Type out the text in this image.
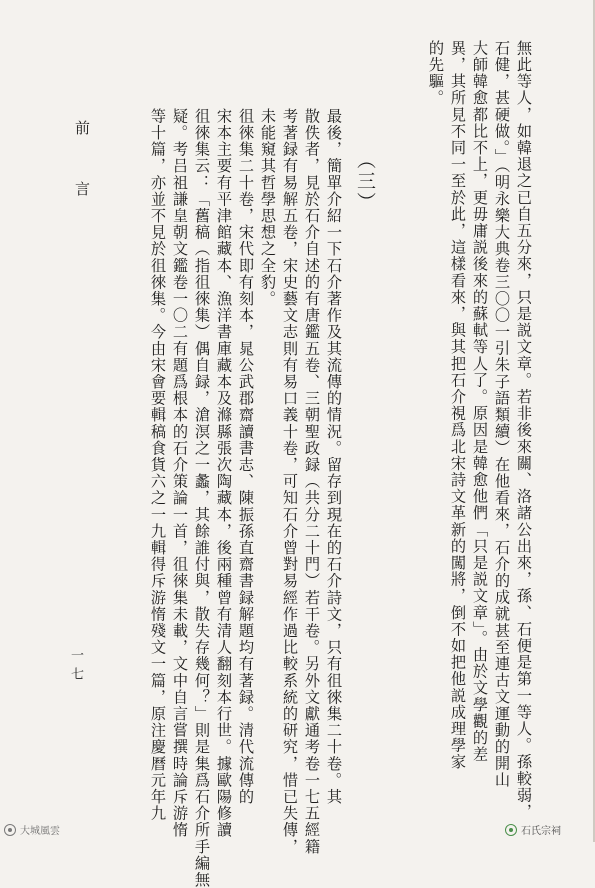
無此等人，如韓退之已自五分來，只是説文章。若非後來關、洛諸公出來，孫、石便是第一等人。孫較弱，
石健，甚硬做。」（明永樂大典卷三〇〇一引朱子語類續）在他看來，石介的成就甚至連古文運動的開山
大師韓愈都比不上，更毋庸説後來的蘇軾等人了。原因是韓愈他們「只是説文章」。由於文學觀的差
異，其所見不同一至於此，這樣看來，與其把石介視爲北宋詩文革新的闖將，倒不如把他説成理學家
的先驅。
最後，簡單介紹一下石介著作及其流傳的情況。留存到現在的石介詩文，只有徂徠集二十卷。其
散佚者，見於石介自述的有唐鑑五卷、三朝聖政録（共分二十門）若干卷。另外文獻通考卷一七五經籍
考著録有易解五卷，宋史藝文志則有易口義十卷，可知石介曾對易經作過比較系統的研究，惜已失傳，
未能窺其哲學思想之全豹。
徂徠集二十卷，宋代即有刻本，晁公武郡齋讀書志、陳振孫直齋書録解題均有著録。清代流傳的
宋本主要有平津館藏本、漁洋書庫藏本及滌縣張次陶藏本，後兩種曾有清人翻刻本行世。據歐陽修讀
徂徠集云：「舊稿（指徂徠集）偶自録，滄溟之一蠡，其餘誰付與，散失存幾何？」則是集爲石介所手編無
疑。考吕祖謙皇朝文鑑卷一〇二有題爲根本的石介策論一首，徂徠集未載，文中自言嘗撰時論斥游惰
等十篇，亦並不見於徂徠集。今由宋會要輯稿食貨六之一九輯得斥游惰殘文一篇，原注慶曆元年九	（三）
前 言
一七
大城風雲	石氏宗祠
